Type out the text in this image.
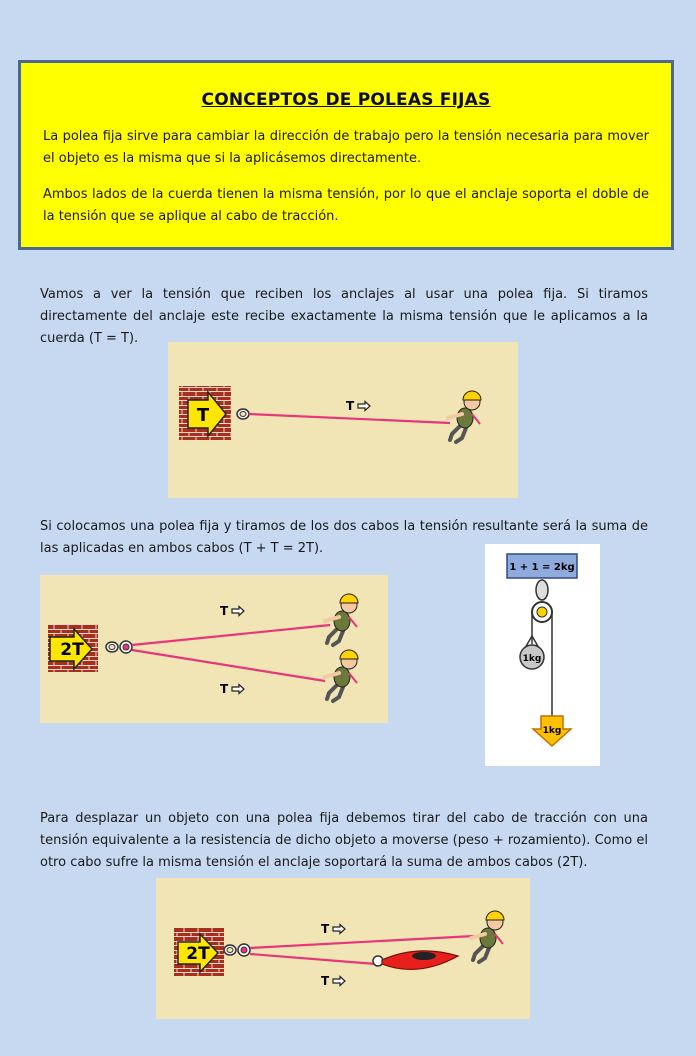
CONCEPTOS DE POLEAS FIJAS

La polea fija sirve para cambiar la dirección de trabajo pero la tensión necesaria para mover el objeto es la misma que si la aplicásemos directamente.

Ambos lados de la cuerda tienen la misma tensión, por lo que el anclaje soporta el doble de la tensión que se aplique al cabo de tracción.

Vamos a ver la tensión que reciben los anclajes al usar una polea fija. Si tiramos directamente del anclaje este recibe exactamente la misma tensión que le aplicamos a la cuerda (T = T).

T	T

Si colocamos una polea fija y tiramos de los dos cabos la tensión resultante será la suma de las aplicadas en ambos cabos (T + T = 2T).

2T
T
T
1 + 1 = 2kg
1kg
1kg

Para desplazar un objeto con una polea fija debemos tirar del cabo de tracción con una tensión equivalente a la resistencia de dicho objeto a moverse (peso + rozamiento). Como el otro cabo sufre la misma tensión el anclaje soportará la suma de ambos cabos (2T).

2T
T
T
